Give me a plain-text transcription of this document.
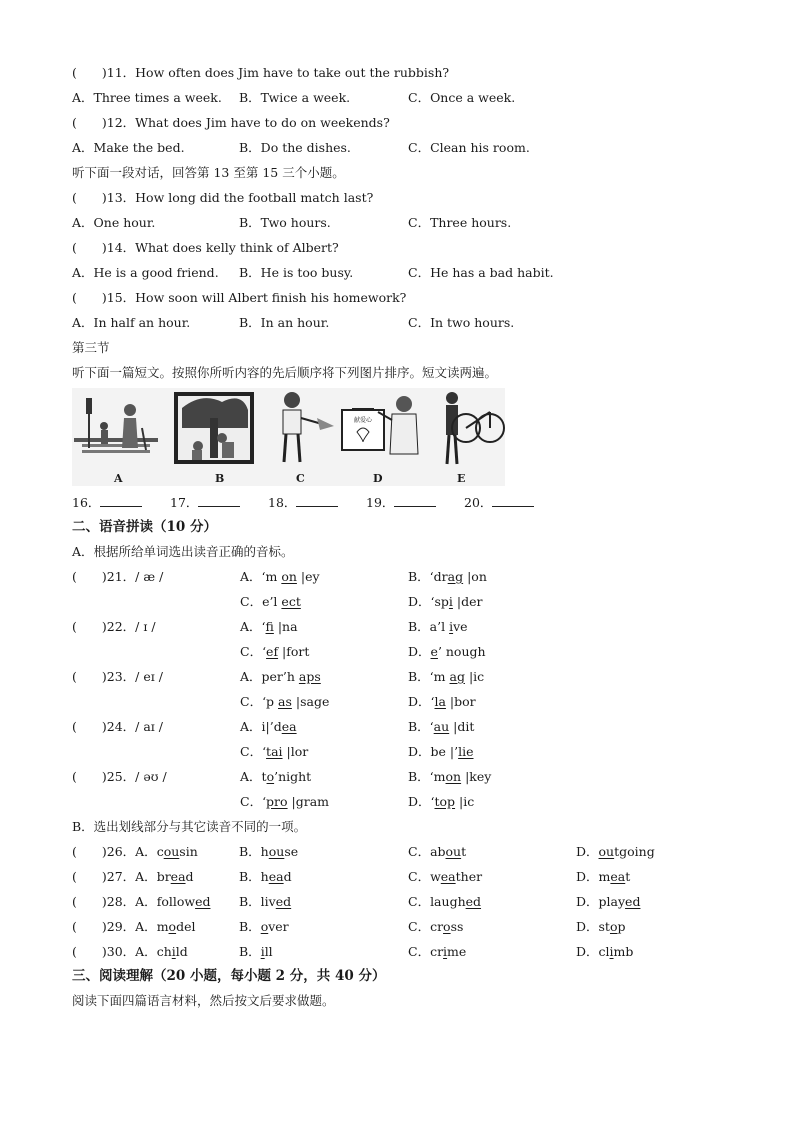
(　　)11．How often does Jim have to take out the rubbish?
A．Three times a week. B．Twice a week.	C．Once a week.
(　　)12．What does Jim have to do on weekends?
A．Make the bed.	B．Do the dishes.	C．Clean his room.
听下面一段对话，回答第 13 至第 15 三个小题。
(　　)13．How long did the football match last?
A．One hour.	B．Two hours.	C．Three hours.
(　　)14．What does kelly think of Albert?
A．He is a good friend. B．He is too busy.	C．He has a bad habit.
(　　)15．How soon will Albert finish his homework?
A．In half an hour.	B．In an hour.	C．In two hours.
第三节
听下面一篇短文。按照你所听内容的先后顺序将下列图片排序。短文读两遍。
献爱心
A	B	C	D	E
16．	17．	18．	19．	20．
二、语音拼读（10 分）
A．根据所给单词选出读音正确的音标。
(　　)21．/ æ /	A．‘m on |ey	B．‘drag |on
C．e’l ect	D．‘spi |der
(　　)22．/ ɪ /	A．‘fi |na	B．a’l ive
C．‘ef |fort	D．e’ nough
(　　)23．/ eɪ /	A．per’h aps	B．‘m ag |ic
C．‘p as |sage	D．‘la |bor
(　　)24．/ aɪ /	A．i|’dea	B．‘au |dit
C．‘tai |lor	D．be |’lie
(　　)25．/ əʊ /	A．to’night	B．‘mon |key
C．‘pro |gram	D．‘top |ic
B．选出划线部分与其它读音不同的一项。
(　　)26．A．cousin	B．house	C．about	D．outgoing
(　　)27．A．bread	B．head	C．weather	D．meat
(　　)28．A．followed B．lived	C．laughed	D．played
(　　)29．A．model	B．over	C．cross	D．stop
(　　)30．A．child	B．ill	C．crime	D．climb
三、阅读理解（20 小题，每小题 2 分，共 40 分）
阅读下面四篇语言材料，然后按文后要求做题。
